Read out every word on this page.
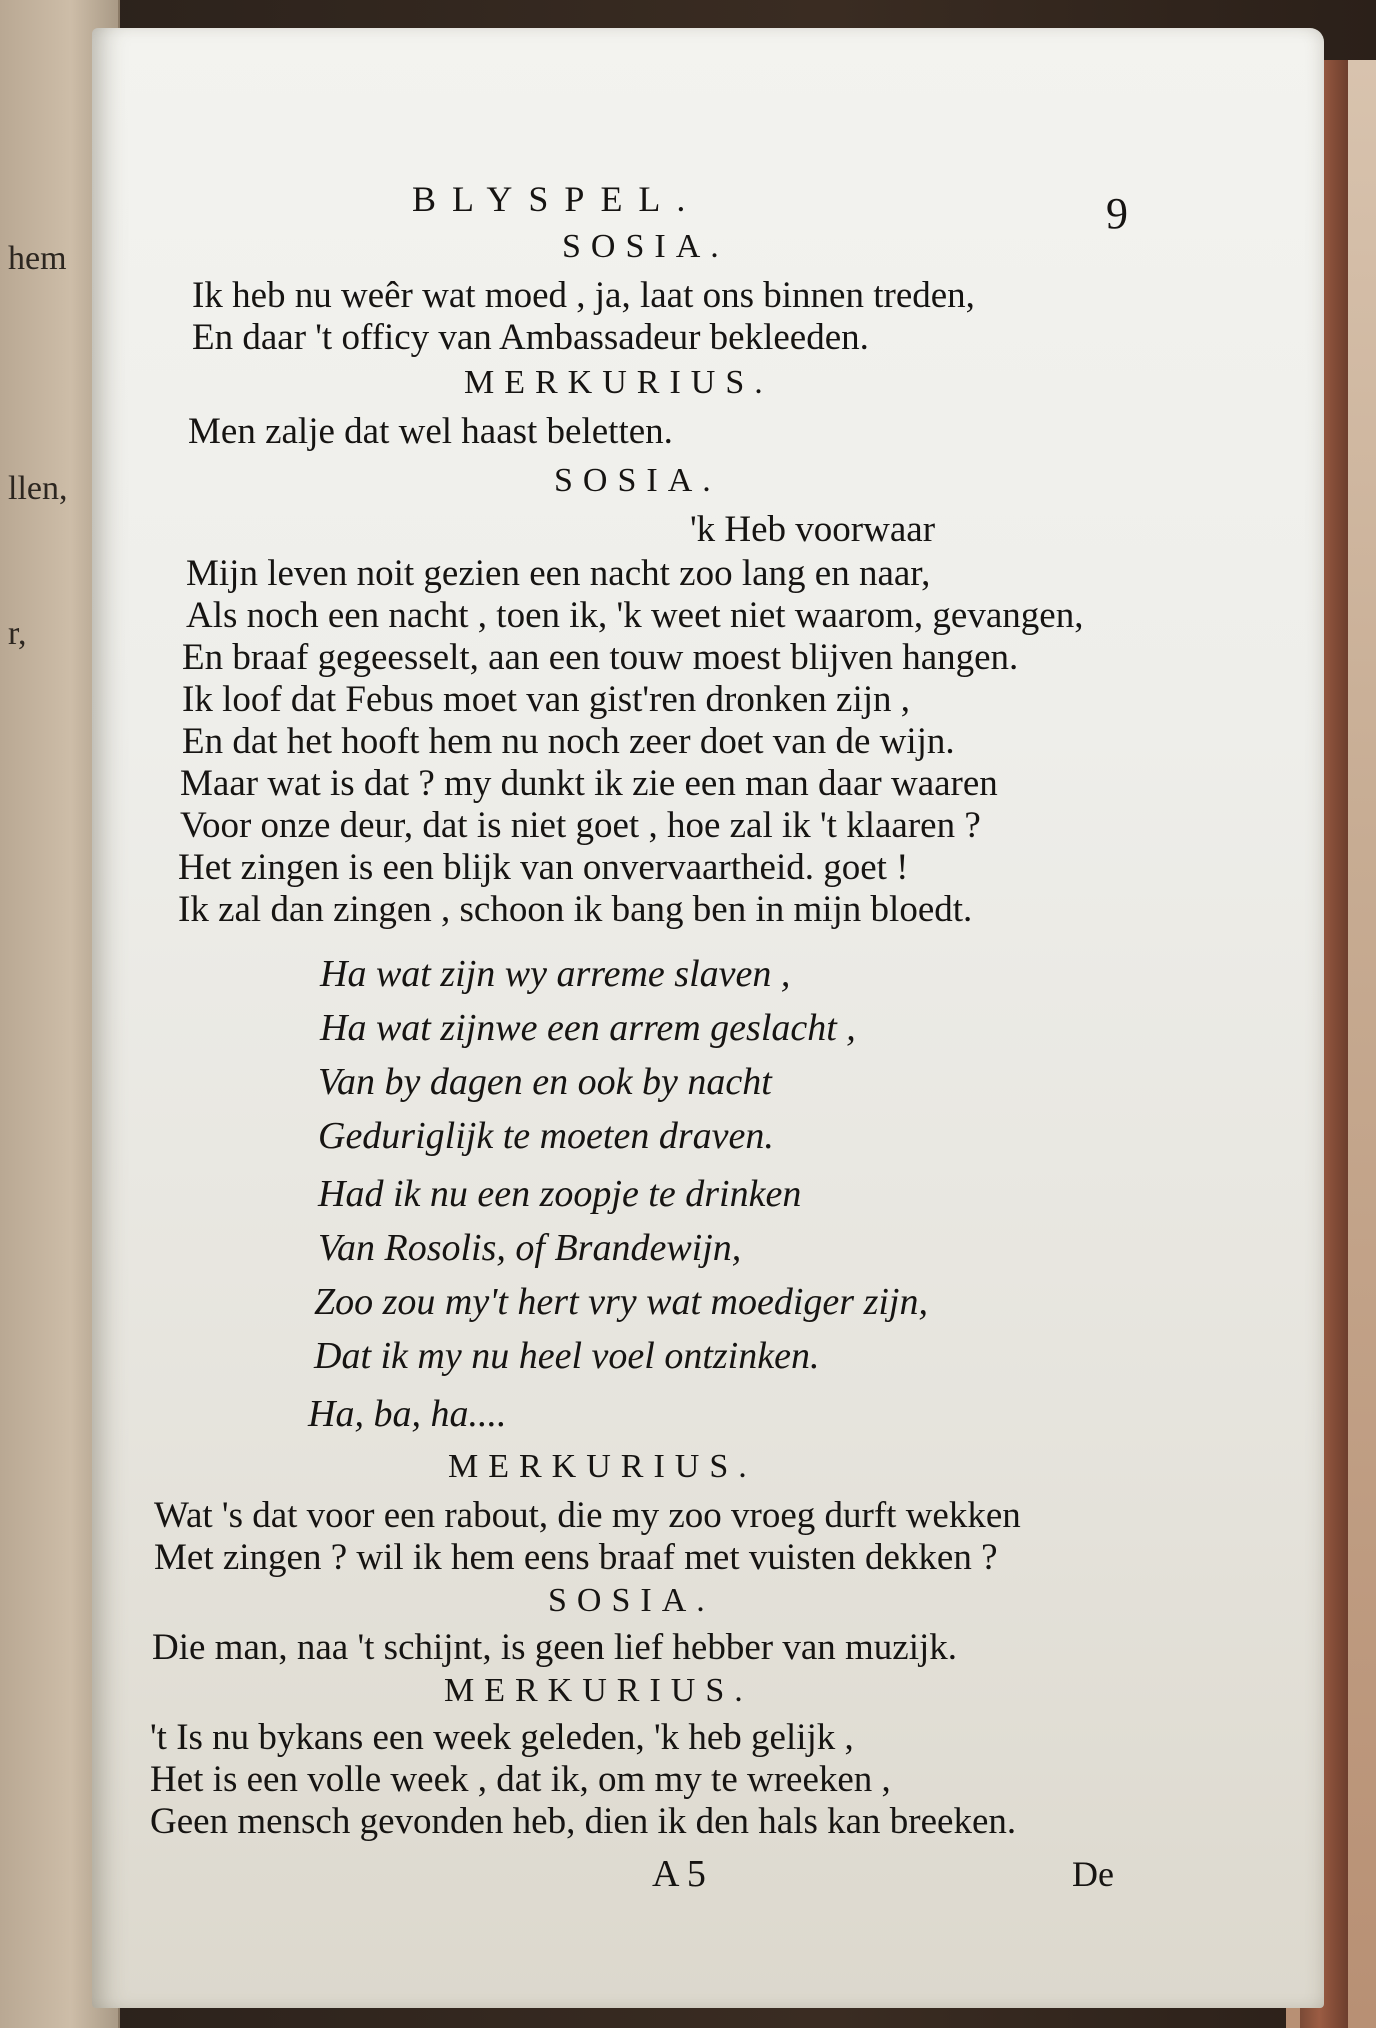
hem
llen,
r,
BLYSPEL.	9
SOSIA.
Ik heb nu weêr wat moed , ja, laat ons binnen treden,
En daar 't officy van Ambassadeur bekleeden.
MERKURIUS.
Men zalje dat wel haast beletten.
SOSIA.
'k Heb voorwaar
Mijn leven noit gezien een nacht zoo lang en naar,
Als noch een nacht , toen ik, 'k weet niet waarom, gevangen,
En braaf gegeesselt, aan een touw moest blijven hangen.
Ik loof dat Febus moet van gist'ren dronken zijn ,
En dat het hooft hem nu noch zeer doet van de wijn.
Maar wat is dat ? my dunkt ik zie een man daar waaren
Voor onze deur, dat is niet goet , hoe zal ik 't klaaren ?
Het zingen is een blijk van onvervaartheid. goet !
Ik zal dan zingen , schoon ik bang ben in mijn bloedt.
Ha wat zijn wy arreme slaven ,
Ha wat zijnwe een arrem geslacht ,
Van by dagen en ook by nacht
Geduriglijk te moeten draven.
Had ik nu een zoopje te drinken
Van Rosolis, of Brandewijn,
Zoo zou my't hert vry wat moediger zijn,
Dat ik my nu heel voel ontzinken.
Ha, ba, ha....
MERKURIUS.
Wat 's dat voor een rabout, die my zoo vroeg durft wekken
Met zingen ? wil ik hem eens braaf met vuisten dekken ?
SOSIA.
Die man, naa 't schijnt, is geen lief hebber van muzijk.
MERKURIUS.
't Is nu bykans een week geleden, 'k heb gelijk ,
Het is een volle week , dat ik, om my te wreeken ,
Geen mensch gevonden heb, dien ik den hals kan breeken.
A 5	De
